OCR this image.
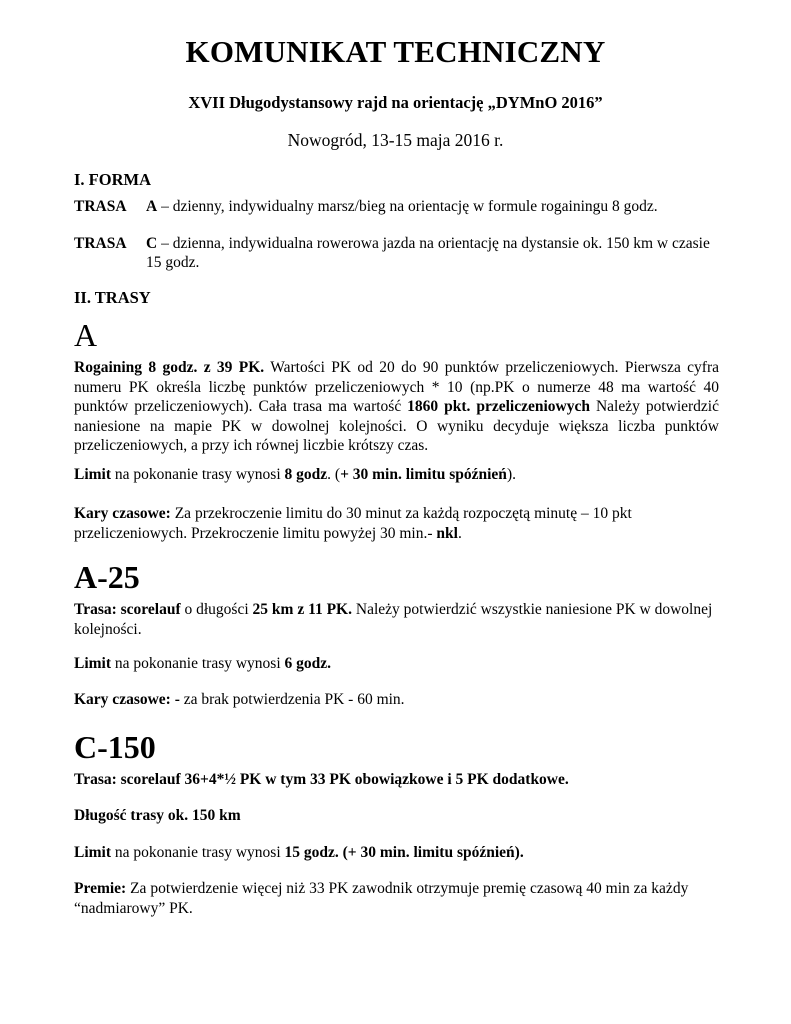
KOMUNIKAT TECHNICZNY

XVII Długodystansowy rajd na orientację „DYMnO 2016”

Nowogród, 13-15 maja 2016 r.

I. FORMA
TRASA	A – dzienny, indywidualny marsz/bieg na orientację w formule rogainingu 8 godz.
TRASA	C – dzienna, indywidualna rowerowa jazda na orientację na dystansie ok. 150 km w czasie 15 godz.
II. TRASY
A

Rogaining 8 godz. z 39 PK. Wartości PK od 20 do 90 punktów przeliczeniowych. Pierwsza cyfra numeru PK określa liczbę punktów przeliczeniowych * 10 (np.PK o numerze 48 ma wartość 40 punktów przeliczeniowych). Cała trasa ma wartość 1860 pkt. przeliczeniowych Należy potwierdzić naniesione na mapie PK w dowolnej kolejności. O wyniku decyduje większa liczba punktów przeliczeniowych, a przy ich równej liczbie krótszy czas.

Limit na pokonanie trasy wynosi 8 godz. (+ 30 min. limitu spóźnień).

Kary czasowe: Za przekroczenie limitu do 30 minut za każdą rozpoczętą minutę – 10 pkt przeliczeniowych. Przekroczenie limitu powyżej 30 min.- nkl.

A-25

Trasa: scorelauf o długości 25 km z 11 PK. Należy potwierdzić wszystkie naniesione PK w dowolnej kolejności.

Limit na pokonanie trasy wynosi 6 godz.

Kary czasowe: - za brak potwierdzenia PK - 60 min.

C-150

Trasa: scorelauf 36+4*½ PK w tym 33 PK obowiązkowe i 5 PK dodatkowe.

Długość trasy ok. 150 km

Limit na pokonanie trasy wynosi 15 godz. (+ 30 min. limitu spóźnień).

Premie: Za potwierdzenie więcej niż 33 PK zawodnik otrzymuje premię czasową 40 min za każdy “nadmiarowy” PK.
